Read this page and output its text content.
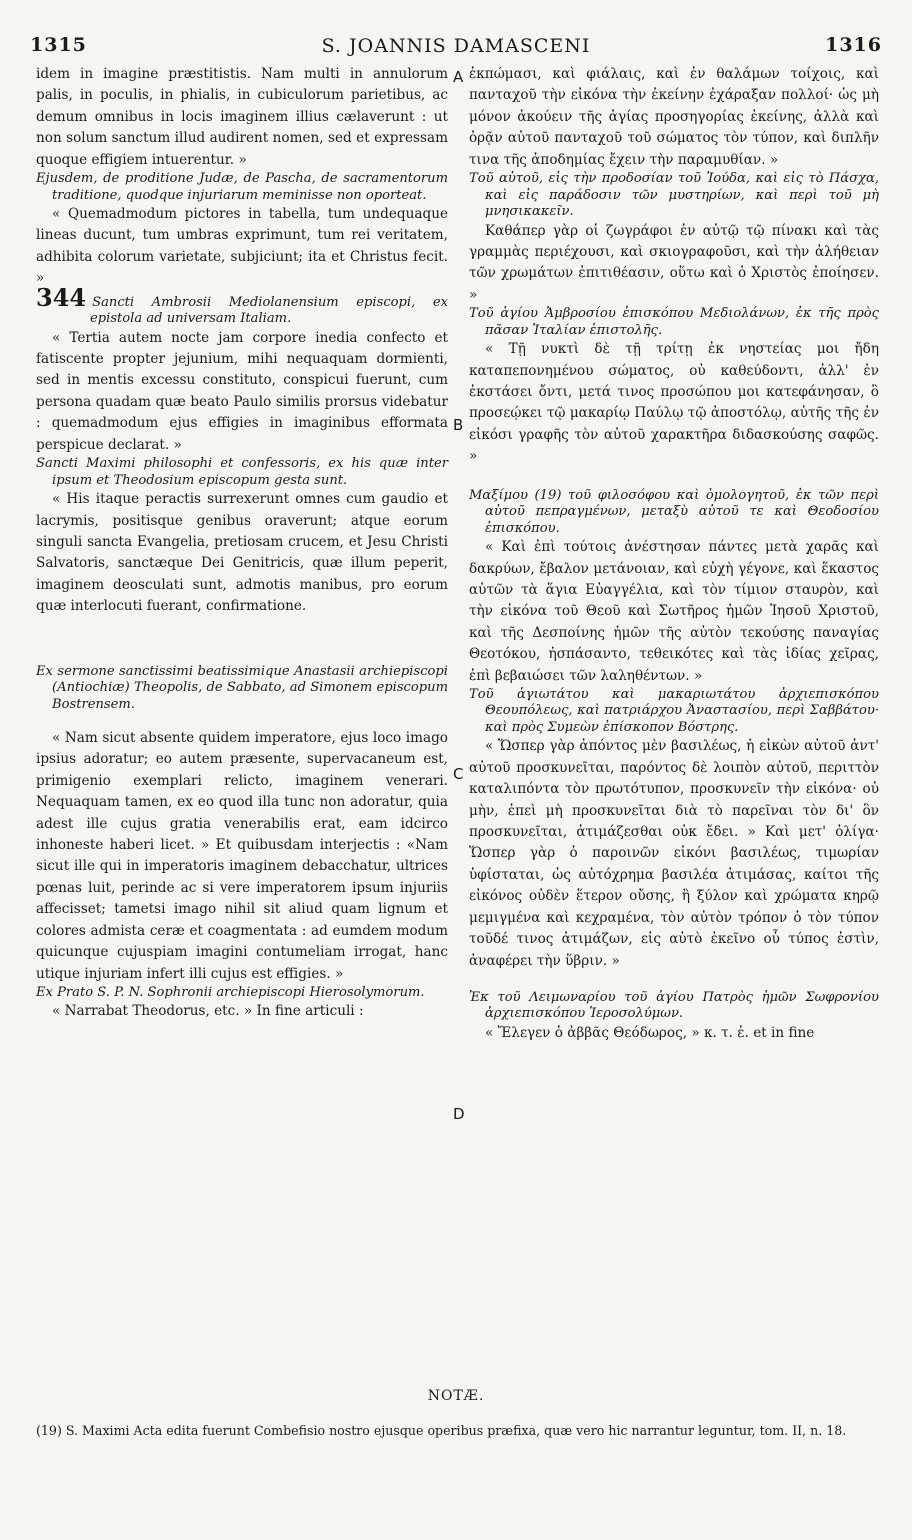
1315	S. JOANNIS DAMASCENI	1316

idem in imagine præstitistis. Nam multi in annulorum palis, in poculis, in phialis, in cubiculorum parietibus, ac demum omnibus in locis imaginem illius cælaverunt : ut non solum sanctum illud audirent nomen, sed et expressam quoque effigiem intuerentur. »

Ejusdem, de proditione Judæ, de Pascha, de sacramentorum traditione, quodque injuriarum meminisse non oporteat.

« Quemadmodum pictores in tabella, tum undequaque lineas ducunt, tum umbras exprimunt, tum rei veritatem, adhibita colorum varietate, subjiciunt; ita et Christus fecit. »

344 Sancti Ambrosii Mediolanensium episcopi, ex epistola ad universam Italiam.

« Tertia autem nocte jam corpore inedia confecto et fatiscente propter jejunium, mihi nequaquam dormienti, sed in mentis excessu constituto, conspicui fuerunt, cum persona quadam quæ beato Paulo similis prorsus videbatur : quemadmodum ejus effigies in imaginibus efformata perspicue declarat. »

Sancti Maximi philosophi et confessoris, ex his quæ inter ipsum et Theodosium episcopum gesta sunt.

« His itaque peractis surrexerunt omnes cum gaudio et lacrymis, positisque genibus oraverunt; atque eorum singuli sancta Evangelia, pretiosam crucem, et Jesu Christi Salvatoris, sanctæque Dei Genitricis, quæ illum peperit, imaginem deosculati sunt, admotis manibus, pro eorum quæ interlocuti fuerant, confirmatione.

Ex sermone sanctissimi beatissimique Anastasii archiepiscopi (Antiochiæ) Theopolis, de Sabbato, ad Simonem episcopum Bostrensem.

« Nam sicut absente quidem imperatore, ejus loco imago ipsius adoratur; eo autem præsente, supervacaneum est, primigenio exemplari relicto, imaginem venerari. Nequaquam tamen, ex eo quod illa tunc non adoratur, quia adest ille cujus gratia venerabilis erat, eam idcirco inhoneste haberi licet. » Et quibusdam interjectis : «Nam sicut ille qui in imperatoris imaginem debacchatur, ultrices pœnas luit, perinde ac si vere imperatorem ipsum injuriis affecisset; tametsi imago nihil sit aliud quam lignum et colores admista ceræ et coagmentata : ad eumdem modum quicunque cujuspiam imagini contumeliam irrogat, hanc utique injuriam infert illi cujus est effigies. »

Ex Prato S. P. N. Sophronii archiepiscopi Hierosolymorum.

« Narrabat Theodorus, etc. » In fine articuli :

ἐκπώμασι, καὶ φιάλαις, καὶ ἐν θαλάμων τοίχοις, καὶ πανταχοῦ τὴν εἰκόνα τὴν ἐκείνην ἐχάραξαν πολλοί· ὡς μὴ μόνον ἀκούειν τῆς ἁγίας προσηγορίας ἐκείνης, ἀλλὰ καὶ ὁρᾷν αὐτοῦ πανταχοῦ τοῦ σώματος τὸν τύπον, καὶ διπλῆν τινα τῆς ἀποδημίας ἔχειν τὴν παραμυθίαν. »

Τοῦ αὐτοῦ, εἰς τὴν προδοσίαν τοῦ Ἰούδα, καὶ εἰς τὸ Πάσχα, καὶ εἰς παράδοσιν τῶν μυστηρίων, καὶ περὶ τοῦ μὴ μνησικακεῖν.

Καθάπερ γὰρ οἱ ζωγράφοι ἐν αὐτῷ τῷ πίνακι καὶ τὰς γραμμὰς περιέχουσι, καὶ σκιογραφοῦσι, καὶ τὴν ἀλήθειαν τῶν χρωμάτων ἐπιτιθέασιν, οὕτω καὶ ὁ Χριστὸς ἐποίησεν. »

Τοῦ ἁγίου Ἀμβροσίου ἐπισκόπου Μεδιολάνων, ἐκ τῆς πρὸς πᾶσαν Ἰταλίαν ἐπιστολῆς.

« Τῇ νυκτὶ δὲ τῇ τρίτῃ ἐκ νηστείας μοι ἤδη καταπεπονημένου σώματος, οὐ καθεύδοντι, ἀλλ' ἐν ἐκστάσει ὄντι, μετά τινος προσώπου μοι κατεφάνησαν, ὃ προσεῴκει τῷ μακαρίῳ Παύλῳ τῷ ἀποστόλῳ, αὐτῆς τῆς ἐν εἰκόσι γραφῆς τὸν αὐτοῦ χαρακτῆρα διδασκούσης σαφῶς. »

Μαξίμου (19) τοῦ φιλοσόφου καὶ ὁμολογητοῦ, ἐκ τῶν περὶ αὐτοῦ πεπραγμένων, μεταξὺ αὐτοῦ τε καὶ Θεοδοσίου ἐπισκόπου.

« Καὶ ἐπὶ τούτοις ἀνέστησαν πάντες μετὰ χαρᾶς καὶ δακρύων, ἔβαλον μετάνοιαν, καὶ εὐχὴ γέγονε, καὶ ἕκαστος αὐτῶν τὰ ἅγια Εὐαγγέλια, καὶ τὸν τίμιον σταυρὸν, καὶ τὴν εἰκόνα τοῦ Θεοῦ καὶ Σωτῆρος ἡμῶν Ἰησοῦ Χριστοῦ, καὶ τῆς Δεσποίνης ἡμῶν τῆς αὐτὸν τεκούσης παναγίας Θεοτόκου, ἠσπάσαντο, τεθεικότες καὶ τὰς ἰδίας χεῖρας, ἐπὶ βεβαιώσει τῶν λαληθέντων. »

Τοῦ ἁγιωτάτου καὶ μακαριωτάτου ἀρχιεπισκόπου Θεουπόλεως, καὶ πατριάρχου Ἀναστασίου, περὶ Σαββάτου· καὶ πρὸς Συμεὼν ἐπίσκοπον Βόστρης.

« Ὥσπερ γὰρ ἀπόντος μὲν βασιλέως, ἡ εἰκὼν αὐτοῦ ἀντ' αὐτοῦ προσκυνεῖται, παρόντος δὲ λοιπὸν αὐτοῦ, περιττὸν καταλιπόντα τὸν πρωτότυπον, προσκυνεῖν τὴν εἰκόνα· οὐ μὴν, ἐπεὶ μὴ προσκυνεῖται διὰ τὸ παρεῖναι τὸν δι' ὃν προσκυνεῖται, ἀτιμάζεσθαι οὐκ ἔδει. » Καὶ μετ' ὀλίγα· Ὥσπερ γὰρ ὁ παροινῶν εἰκόνι βασιλέως, τιμωρίαν ὑφίσταται, ὡς αὐτόχρημα βασιλέα ἀτιμάσας, καίτοι τῆς εἰκόνος οὐδὲν ἕτερον οὔσης, ἢ ξύλον καὶ χρώματα κηρῷ μεμιγμένα καὶ κεχραμένα, τὸν αὐτὸν τρόπον ὁ τὸν τύπον τοῦδέ τινος ἀτιμάζων, εἰς αὐτὸ ἐκεῖνο οὗ τύπος ἐστὶν, ἀναφέρει τὴν ὕβριν. »

Ἐκ τοῦ Λειμωναρίου τοῦ ἁγίου Πατρὸς ἡμῶν Σωφρονίου ἀρχιεπισκόπου Ἱεροσολύμων.

« Ἔλεγεν ὁ ἀββᾶς Θεόδωρος, » κ. τ. ἑ. et in fine

A
B
C
D
NOTÆ.

(19) S. Maximi Acta edita fuerunt Combefisio nostro ejusque operibus præfixa, quæ vero hic narrantur leguntur, tom. II, n. 18.
